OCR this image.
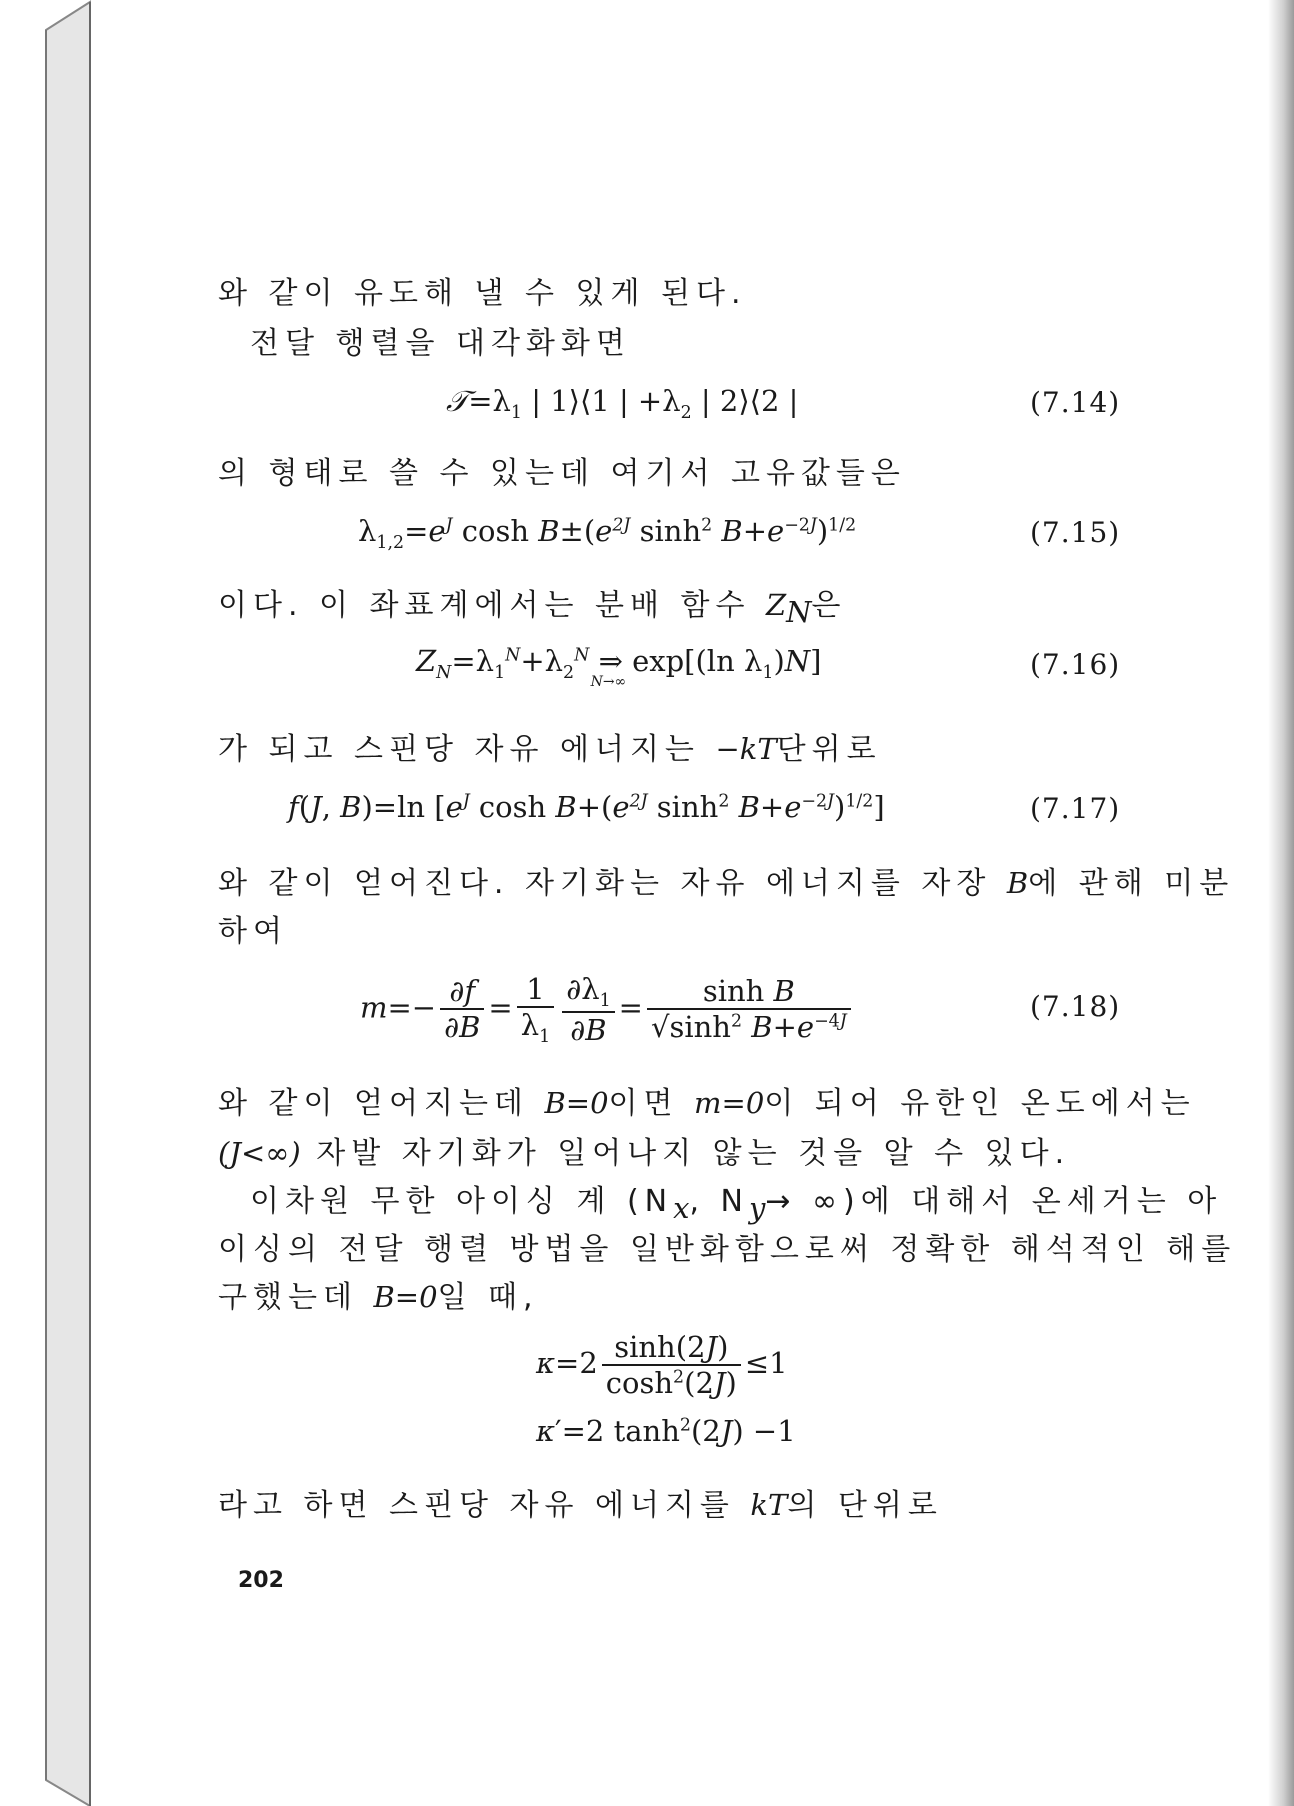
와 같이 유도해 낼 수 있게 된다.
전달 행렬을 대각화화면
$𝒯=\lambda_1$ | 1⟩⟨1 | $+\lambda_2$ | 2⟩⟨2 |	(7.14)
의 형태로 쓸 수 있는데 여기서 고유값들은
$\lambda_{1,2}=e^J$ $\cosh B\pm(e^{2J}$ $\sinh^2 B+e^{-2J})^{1/2}$	(7.15)
이다. 이 좌표계에서는 분배 함수 $Z_N$은
$Z_N=\lambda_1^N+\lambda_2^N$ ⇒
N→∞
exp[(ln $\lambda_1)N$]	(7.16)
가 되고 스핀당 자유 에너지는 −kT단위로
f(J, B)=ln [$e^J$ $\cosh B+(e^{2J}$ $\sinh^2 B+e^{-2J})^{1/2}$]	(7.17)
와 같이 얻어진다. 자기화는 자유 에너지를 자장 B에 관해 미분
하여
$m=- \frac{\partial f}{\partial B} = \frac{1}{\lambda_1} \frac{\partial\lambda_1}{\partial B} = \frac{\text{sinh B}}{√\sinh^2 B+e^{-4J}}$	(7.18)
와 같이 얻어지는데 B=0이면 m=0이 되어 유한인 온도에서는
(J<∞) 자발 자기화가 일어나지 않는 것을 알 수 있다.
이차원 무한 아이싱 계 ($N_x$, $N_y\to$ ∞)에 대해서 온세거는 아
이싱의 전달 행렬 방법을 일반화함으로써 정확한 해석적인 해를
구했는데 B=0일 때,
$\kappa=2 \frac{\sinh(2J)}{\cosh^2(2J)} \le 1$
κ′=2 $\tanh^2(2J) -1$
라고 하면 스핀당 자유 에너지를 kT의 단위로
202
